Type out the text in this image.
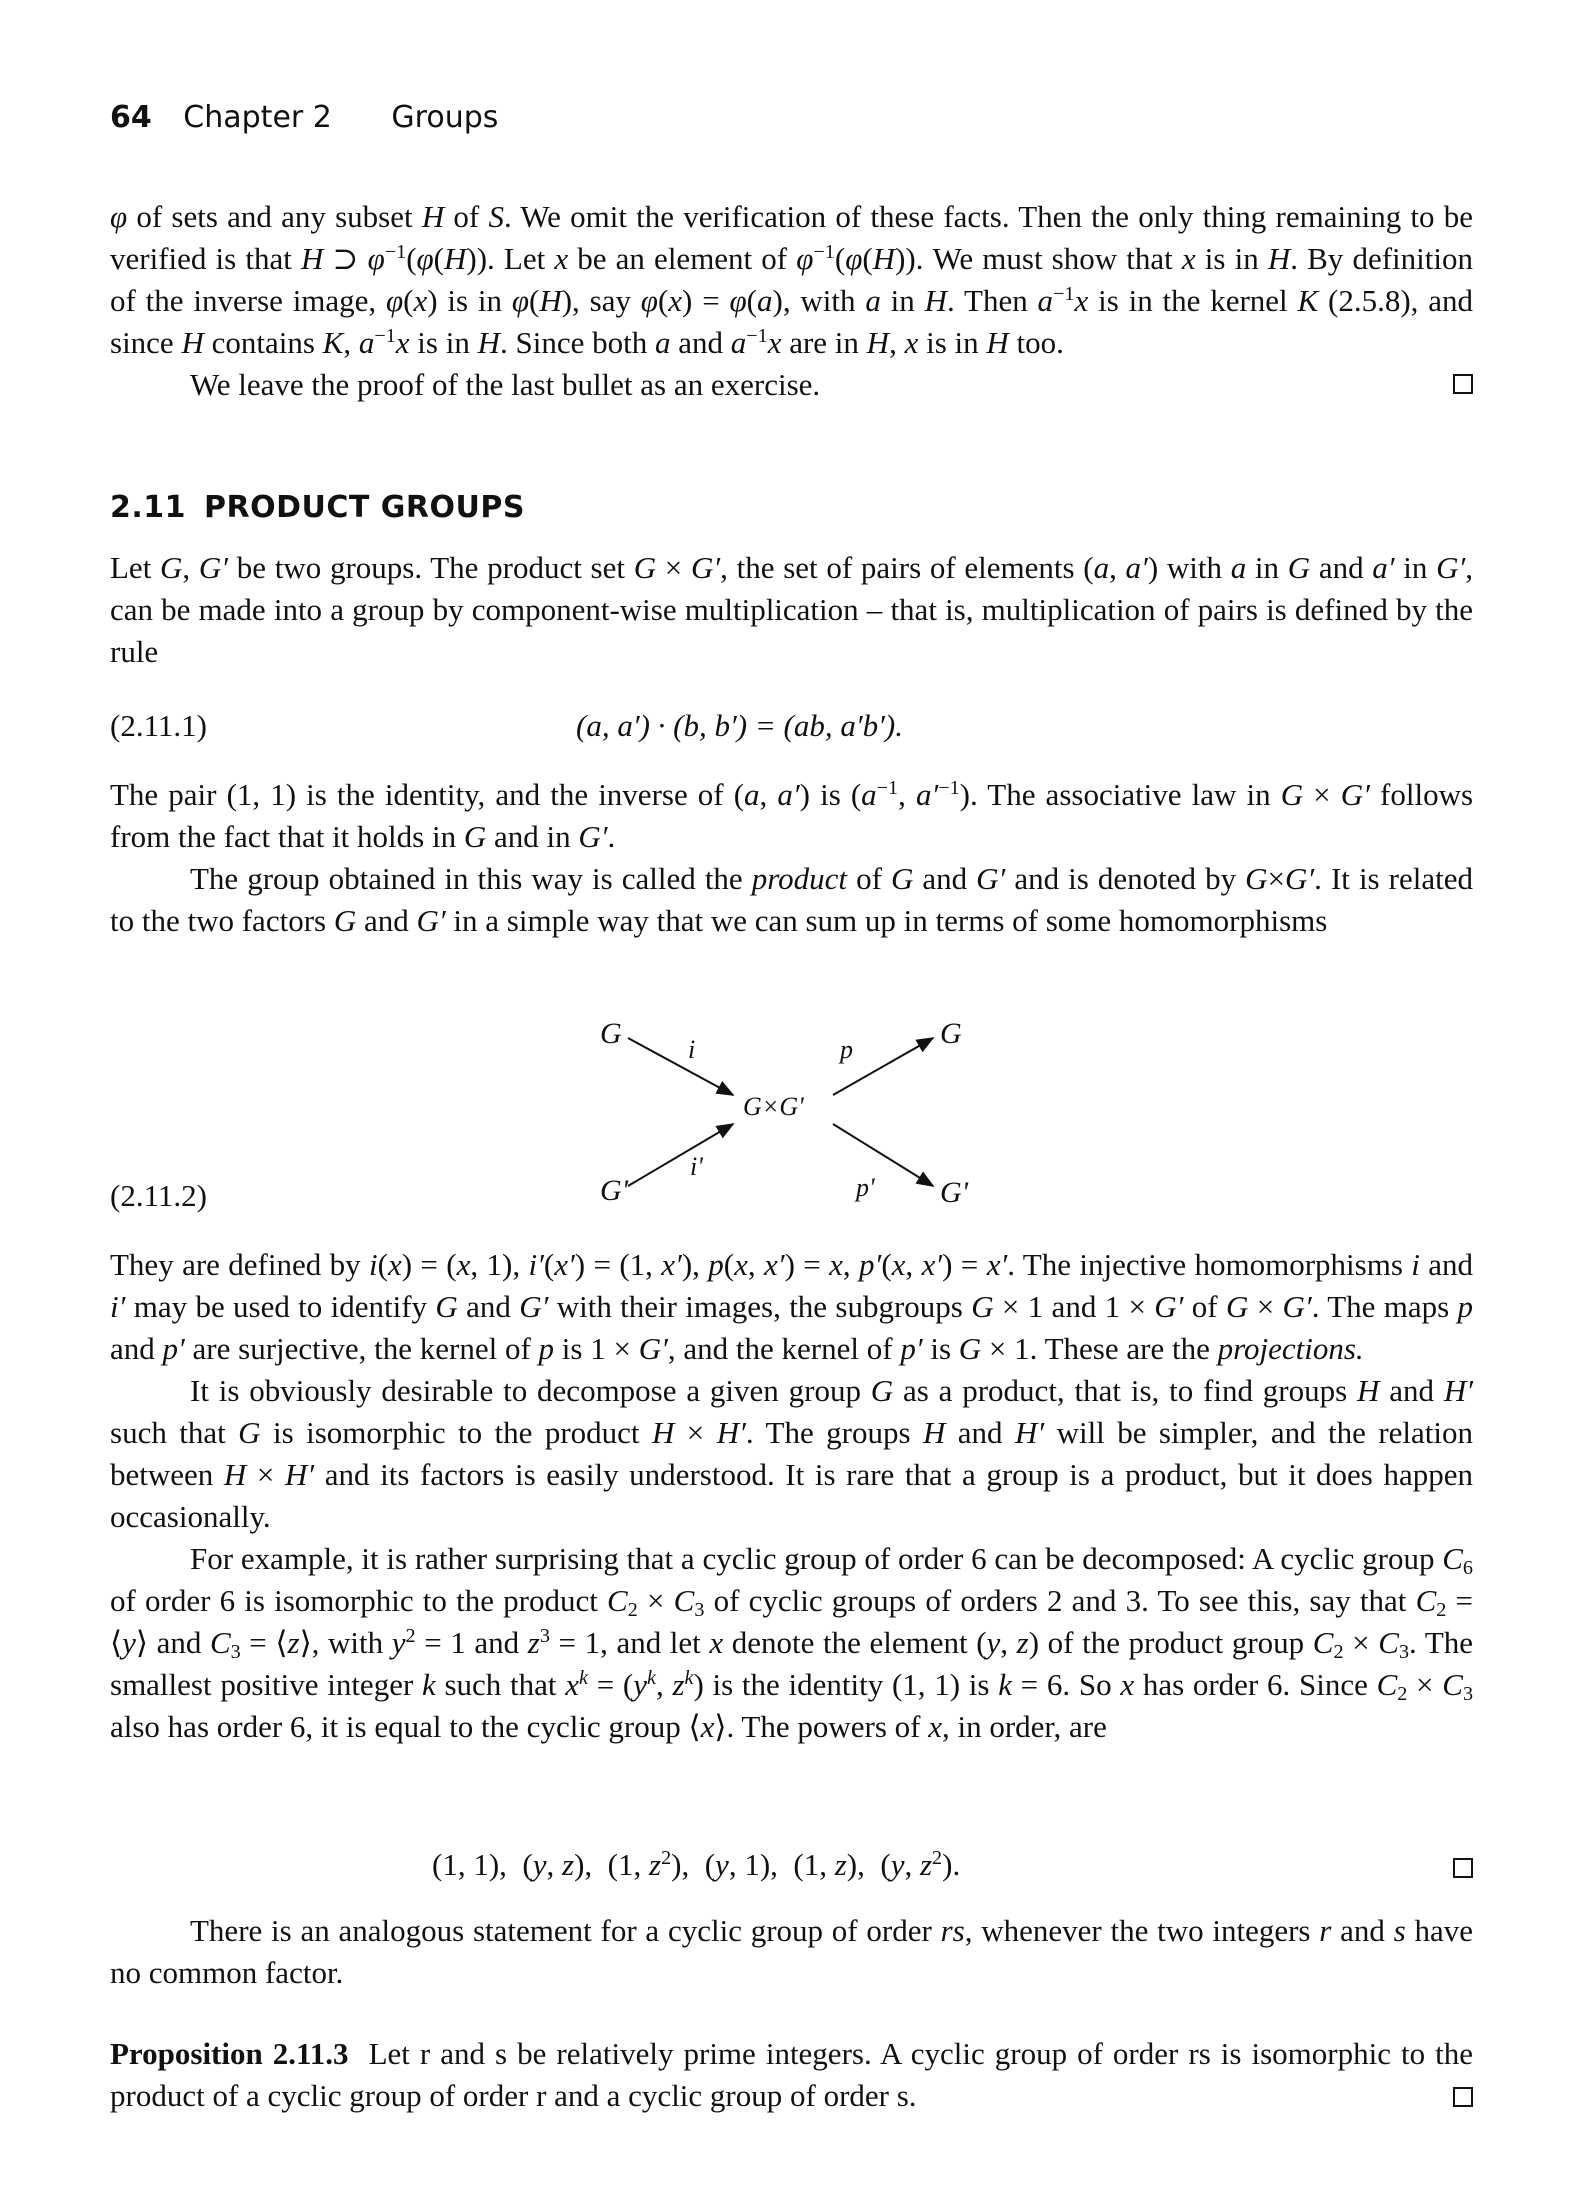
64 Chapter 2 Groups

φ of sets and any subset H of S. We omit the verification of these facts. Then the only thing remaining to be verified is that H ⊃ $\varphi^{-1}(\varphi(H))$. Let x be an element of $\varphi^{-1}(\varphi(H))$. We must show that x is in H. By definition of the inverse image, φ(x) is in φ(H), say φ(x) = φ(a), with a in H. Then $a^{-1}x$ is in the kernel K (2.5.8), and since H contains K, $a^{-1}x$ is in H. Since both a and $a^{-1}x$ are in H, x is in H too.

We leave the proof of the last bullet as an exercise.

2.11 PRODUCT GROUPS

Let G, G′ be two groups. The product set G × G′, the set of pairs of elements (a, a′) with a in G and a′ in G′, can be made into a group by component-wise multiplication – that is, multiplication of pairs is defined by the rule

(2.11.1)	(a, a′) · (b, b′) = (ab, a′b′).

The pair (1, 1) is the identity, and the inverse of (a, a′) is ($a^{-1}$, $a'^{-1}$). The associative law in G × G′ follows from the fact that it holds in G and in G′.

The group obtained in this way is called the product of G and G′ and is denoted by G×G′. It is related to the two factors G and G′ in a simple way that we can sum up in terms of some homomorphisms

G	G
G×G'
G'	G'
i
i'
p
p'
(2.11.2)

They are defined by i(x) = (x, 1), i′(x′) = (1, x′), p(x, x′) = x, p′(x, x′) = x′. The injective homomorphisms i and i′ may be used to identify G and G′ with their images, the subgroups G × 1 and 1 × G′ of G × G′. The maps p and p′ are surjective, the kernel of p is 1 × G′, and the kernel of p′ is G × 1. These are the projections.

It is obviously desirable to decompose a given group G as a product, that is, to find groups H and H′ such that G is isomorphic to the product H × H′. The groups H and H′ will be simpler, and the relation between H × H′ and its factors is easily understood. It is rare that a group is a product, but it does happen occasionally.

For example, it is rather surprising that a cyclic group of order 6 can be decomposed: A cyclic group $C_6$ of order 6 is isomorphic to the product $C_2 \times C_3$ of cyclic groups of orders 2 and 3. To see this, say that $C_2$ = ⟨y⟩ and $C_3$ = ⟨z⟩, with $y^2 = 1$ and $z^3 = 1$, and let x denote the element (y, z) of the product group $C_2 \times C_3$. The smallest positive integer k such that $x^k = (y^k$, $z^k$) is the identity (1, 1) is k = 6. So x has order 6. Since $C_2 \times C_3$ also has order 6, it is equal to the cyclic group ⟨x⟩. The powers of x, in order, are

(1, 1),  (y, z),  (1, $z^2$),  (y, 1),  (1, z),  (y, $z^2$).

There is an analogous statement for a cyclic group of order rs, whenever the two integers r and s have no common factor.

Proposition 2.11.3 Let r and s be relatively prime integers. A cyclic group of order rs is isomorphic to the product of a cyclic group of order r and a cyclic group of order s.
